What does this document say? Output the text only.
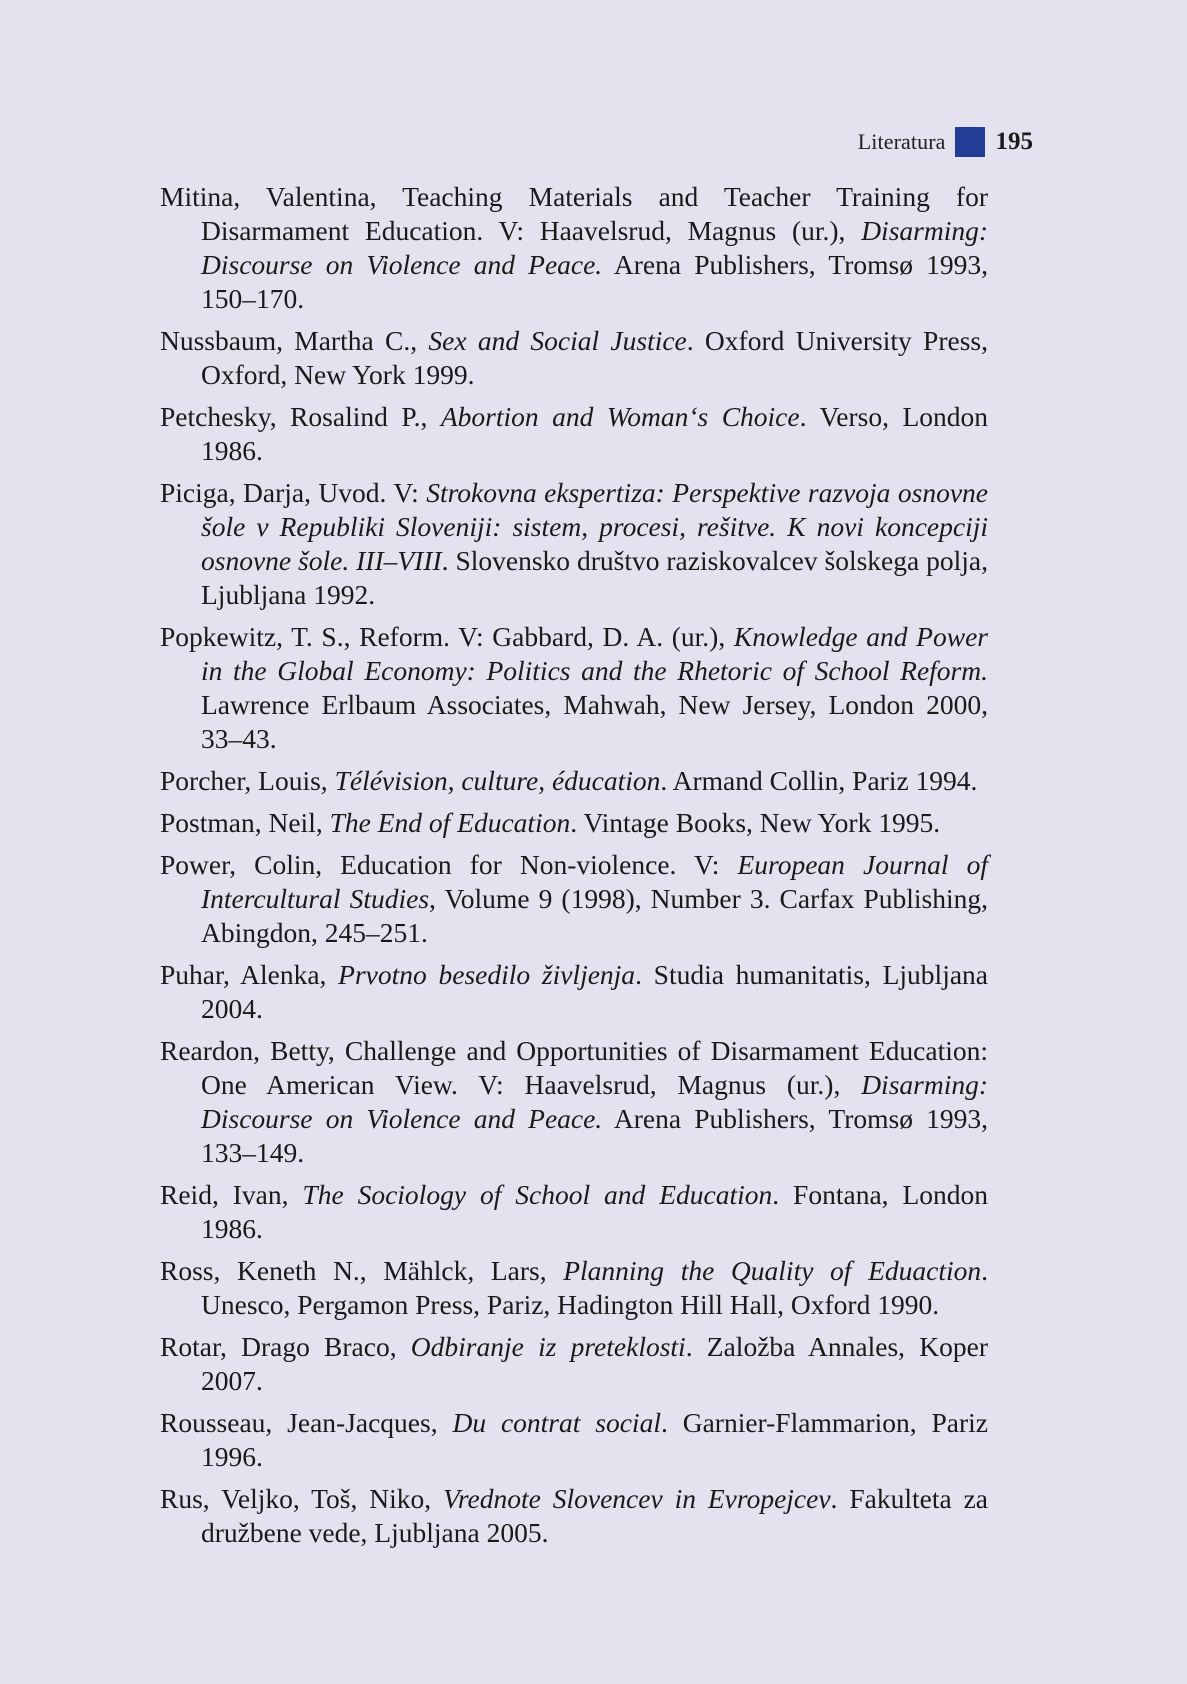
Literatura 195
Mitina, Valentina, Teaching Materials and Teacher Training for Disarmament Education. V: Haavelsrud, Magnus (ur.), Disarming: Discourse on Violence and Peace. Arena Publishers, Tromsø 1993, 150–170.
Nussbaum, Martha C., Sex and Social Justice. Oxford University Press, Oxford, New York 1999.
Petchesky, Rosalind P., Abortion and Woman‘s Choice. Verso, London 1986.
Piciga, Darja, Uvod. V: Strokovna ekspertiza: Perspektive razvoja osnovne šole v Republiki Sloveniji: sistem, procesi, rešitve. K novi koncepciji osnovne šole. III–VIII. Slovensko društvo raziskovalcev šolskega polja, Ljubljana 1992.
Popkewitz, T. S., Reform. V: Gabbard, D. A. (ur.), Knowledge and Power in the Global Economy: Politics and the Rhetoric of School Reform. Lawrence Erlbaum Associates, Mahwah, New Jersey, London 2000, 33–43.
Porcher, Louis, Télévision, culture, éducation. Armand Collin, Pariz 1994.
Postman, Neil, The End of Education. Vintage Books, New York 1995.
Power, Colin, Education for Non-violence. V: European Journal of Intercultural Studies, Volume 9 (1998), Number 3. Carfax Publishing, Abingdon, 245–251.
Puhar, Alenka, Prvotno besedilo življenja. Studia humanitatis, Ljubljana 2004.
Reardon, Betty, Challenge and Opportunities of Disarmament Education: One American View. V: Haavelsrud, Magnus (ur.), Disarming: Discourse on Violence and Peace. Arena Publishers, Tromsø 1993, 133–149.
Reid, Ivan, The Sociology of School and Education. Fontana, London 1986.
Ross, Keneth N., Mählck, Lars, Planning the Quality of Eduaction. Unesco, Pergamon Press, Pariz, Hadington Hill Hall, Oxford 1990.
Rotar, Drago Braco, Odbiranje iz preteklosti. Založba Annales, Koper 2007.
Rousseau, Jean-Jacques, Du contrat social. Garnier-Flammarion, Pariz 1996.
Rus, Veljko, Toš, Niko, Vrednote Slovencev in Evropejcev. Fakulteta za družbene vede, Ljubljana 2005.
